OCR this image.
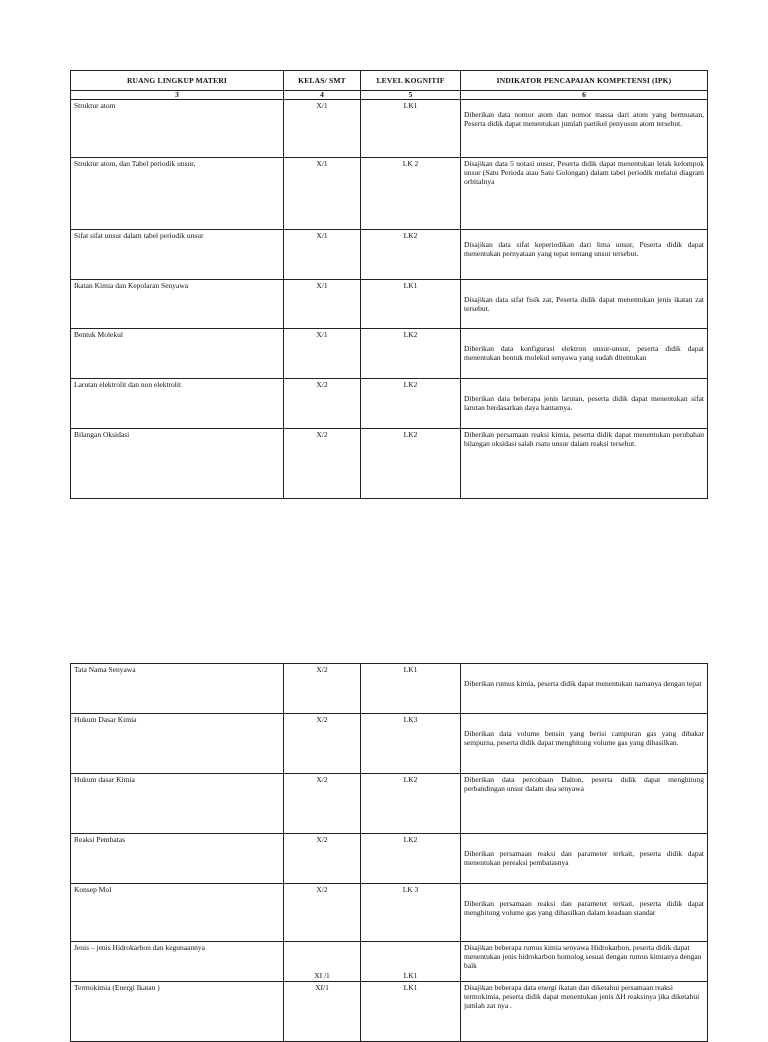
RUANG LINGKUP MATERI	KELAS/ SMT	LEVEL KOGNITIF	INDIKATOR PENCAPAIAN KOMPETENSI (IPK)
3	4	5	6
Struktur atom	X/1	LK1	Diberikan data nomor atom dan nomor massa dari atom yang bermuatan, Peserta didik dapat menentukan jumlah partikel penyusun atom tersebut.

Struktur atom, dan Tabel periodik unsur,	X/1	LK 2	Disajikan data 5 notasi unsur, Peserta didik dapat menentukan letak kelompok unsur (Satu Perioda atau Satu Golongan) dalam tabel periodik melalui diagram orbitalnya
Sifat sifat unsur dalam tabel periodik unsur	X/1	LK2	Disajikan data sifat keperiodikan dari lima unsur, Peserta didik dapat menentukan pernyataan yang tepat tentang unsur tersebut.

Ikatan Kimia dan Kepolaran Senyawa	X/1	LK1	Disajikan data sifat fisik zat, Peserta didik dapat menentukan jenis ikatan zat tersebut.

Bentuk Molekul	X/1	LK2	Diberikan data konfigurasi elektron unsur-unsur, peserta didik dapat menentukan bentuk molekul senyawa yang sudah ditentukan

Larutan elektrolit dan non elektrolit	X/2	LK2	Diberikan data beberapa jenis larutan, peserta didik dapat menentukan sifat larutan berdasarkan daya hantarnya.

Bilangan Oksidasi	X/2	LK2	Diberikan persamaan reaksi kimia, peserta didik dapat menentukan perubahan bilangan oksidasi salah rsatu unsur dalam reaksi tersebut.
Tata Nama Senyawa	X/2	LK1	Diberikan rumus kimia, peserta didik dapat menentukan namanya dengan tepat

Hukum Dasar Kimia	X/2	LK3	Diberikan data volume bensin yang berisi campuran gas yang dibakar sempurna, peserta didik dapat menghitung volume gas yang dihasilkan.

Hukum dasar Kimia	X/2	LK2	Diberikan data percobaan Dalton, peserta didik dapat menghitung perbandingan unsur dalam dua senyawa
Reaksi Pembatas	X/2	LK2	Diberikan persamaan reaksi dan parameter terkait, peserta didik dapat menentukan pereaksi pembatasnya

Konsep Mol	X/2	LK 3	Diberikan persamaan reaksi dan parameter terkait, peserta didik dapat menghitung volume gas yang dihasilkan dalam keadaan standar

Jenis – jenis Hidrokarbon dan kegunaannya	XI /1	LK1	Disajikan beberapa rumus kimia senyawa Hidrokarbon, peserta didik dapat menentukan jenis hidrokarbon homolog sesuai dengan rumus kimianya dengan baik
Termokimia (Energi Ikatan )	XI/1	LK1	Disajikan beberapa data energi ikatan dan diketahui persamaan reaksi termokimia, peserta didik dapat menentukan jenis ΔH reaksinya jika diketahui jumlah zat nya .
